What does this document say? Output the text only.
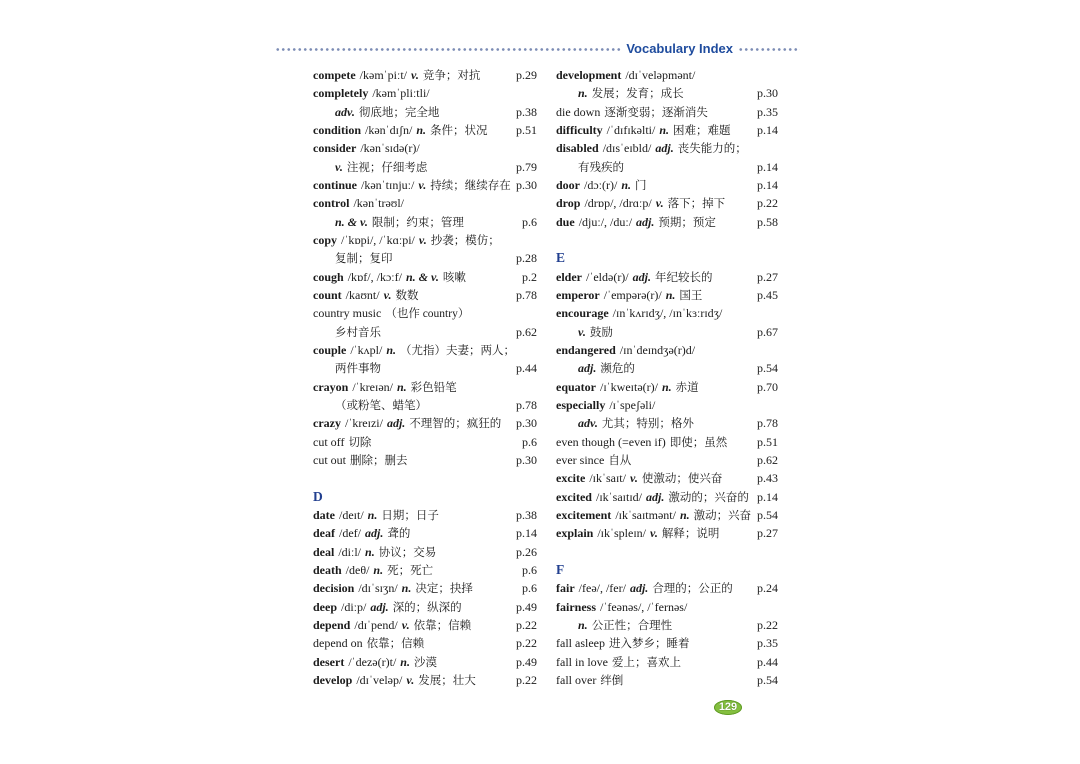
Vocabulary Index
compete /kəmˈpiːt/ v. 竞争；对抗	p.29
completely /kəmˈpliːtli/
adv. 彻底地；完全地	p.38
condition /kənˈdɪʃn/ n. 条件；状况	p.51
consider /kənˈsɪdə(r)/
v. 注视；仔细考虑	p.79
continue /kənˈtɪnjuː/ v. 持续；继续存在 p.30
control /kənˈtrəʊl/
n. & v. 限制；约束；管理	p.6
copy /ˈkɒpi/, /ˈkɑːpi/ v. 抄袭；模仿；
复制；复印	p.28
cough /kɒf/, /kɔːf/ n. & v. 咳嗽	p.2
count /kaʊnt/ v. 数数	p.78
country music （也作 country）
乡村音乐	p.62
couple /ˈkʌpl/ n. （尤指）夫妻；两人；
两件事物	p.44
crayon /ˈkreɪən/ n. 彩色铅笔
（或粉笔、蜡笔）	p.78
crazy /ˈkreɪzi/ adj. 不理智的；疯狂的	p.30
cut off 切除	p.6
cut out 删除；删去	p.30
D
date /deɪt/ n. 日期；日子	p.38
deaf /def/ adj. 聋的	p.14
deal /diːl/ n. 协议；交易	p.26
death /deθ/ n. 死；死亡	p.6
decision /dɪˈsɪʒn/ n. 决定；抉择	p.6
deep /diːp/ adj. 深的；纵深的	p.49
depend /dɪˈpend/ v. 依靠；信赖	p.22
depend on 依靠；信赖	p.22
desert /ˈdezə(r)t/ n. 沙漠	p.49
develop /dɪˈveləp/ v. 发展；壮大	p.22
development /dɪˈveləpmənt/
n. 发展；发育；成长	p.30
die down 逐渐变弱；逐渐消失	p.35
difficulty /ˈdɪfɪkəlti/ n. 困难；难题	p.14
disabled /dɪsˈeɪbld/ adj. 丧失能力的；
有残疾的	p.14
door /dɔː(r)/ n. 门	p.14
drop /drɒp/, /drɑːp/ v. 落下；掉下	p.22
due /djuː/, /duː/ adj. 预期；预定	p.58
E
elder /ˈeldə(r)/ adj. 年纪较长的	p.27
emperor /ˈempərə(r)/ n. 国王	p.45
encourage /ɪnˈkʌrɪdʒ/, /ɪnˈkɜːrɪdʒ/
v. 鼓励	p.67
endangered /ɪnˈdeɪndʒə(r)d/
adj. 濒危的	p.54
equator /ɪˈkweɪtə(r)/ n. 赤道	p.70
especially /ɪˈspeʃəli/
adv. 尤其；特别；格外	p.78
even though (=even if) 即使；虽然	p.51
ever since 自从	p.62
excite /ɪkˈsaɪt/ v. 使激动；使兴奋	p.43
excited /ɪkˈsaɪtɪd/ adj. 激动的；兴奋的 p.14
excitement /ɪkˈsaɪtmənt/ n. 激动；兴奋 p.54
explain /ɪkˈspleɪn/ v. 解释；说明	p.27
F
fair /feə/, /fer/ adj. 合理的；公正的	p.24
fairness /ˈfeənəs/, /ˈfernəs/
n. 公正性；合理性	p.22
fall asleep 进入梦乡；睡着	p.35
fall in love 爱上；喜欢上	p.44
fall over 绊倒	p.54
129
